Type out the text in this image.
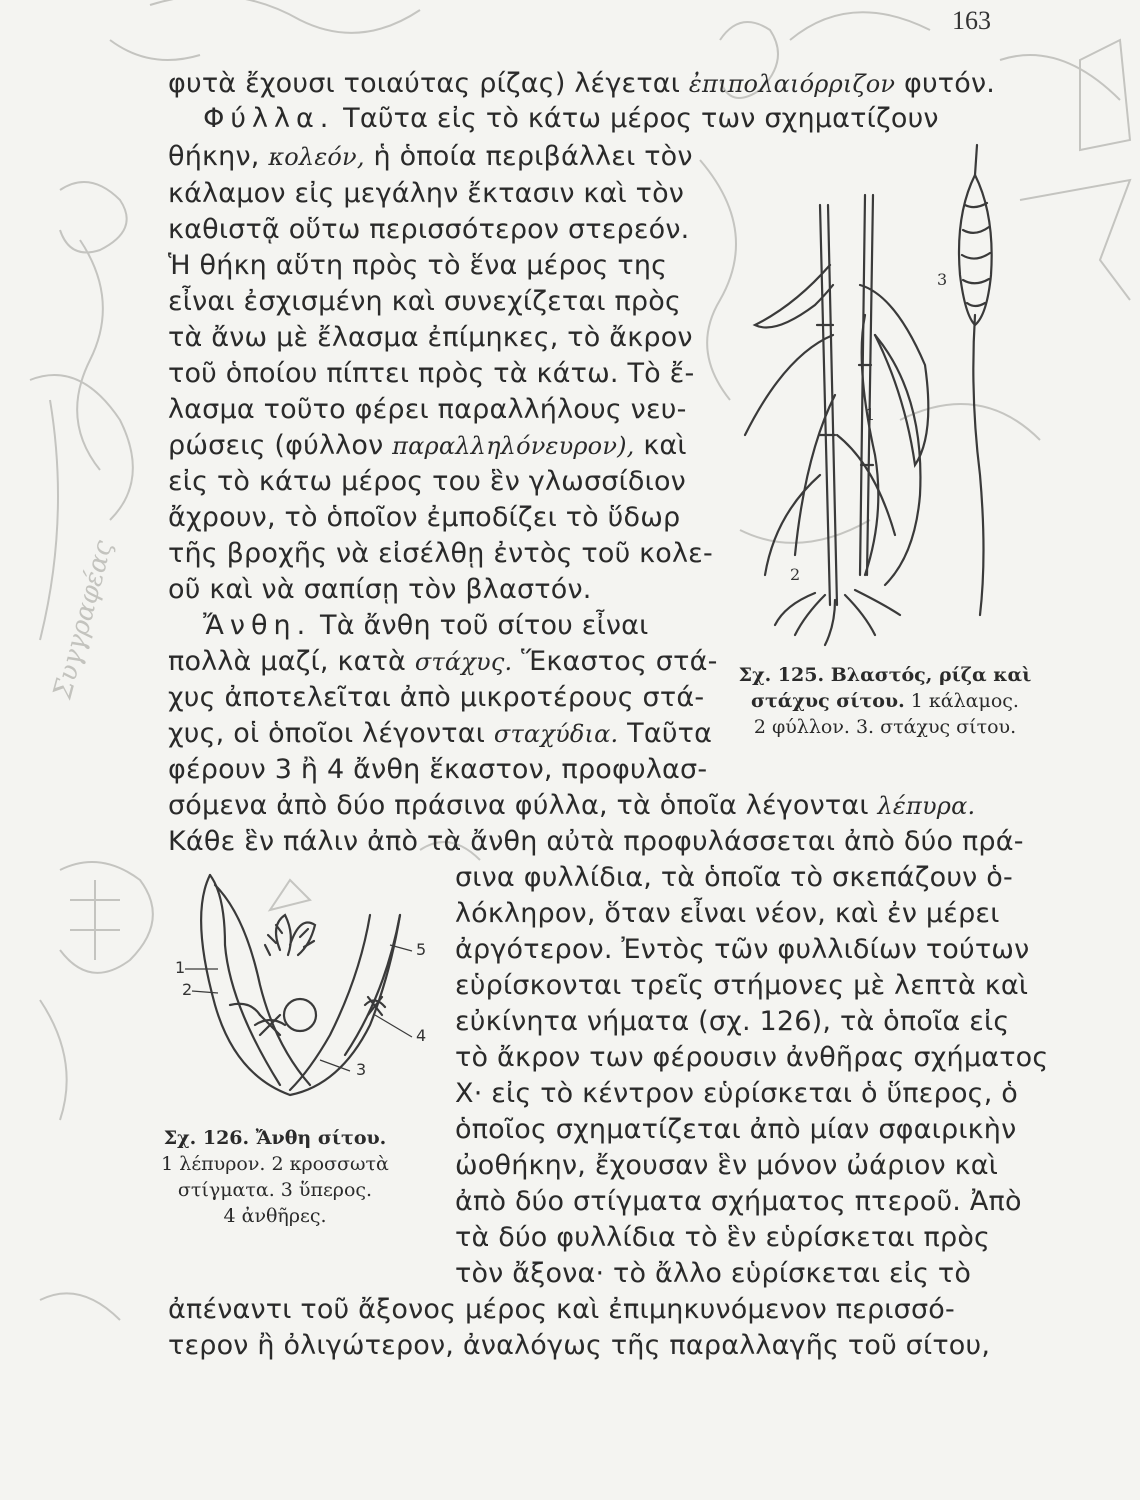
Συγγραφέας
163
φυτὰ ἔχουσι τοιαύτας ρίζας) λέγεται ἐπιπολαιόρριζον φυτόν.
Φύλλα. Ταῦτα εἰς τὸ κάτω μέρος των σχηματίζουν
θήκην, κολεόν, ἡ ὁποία περιβάλλει τὸν
κάλαμον εἰς μεγάλην ἔκτασιν καὶ τὸν
καθιστᾷ οὕτω περισσότερον στερεόν.
Ἡ θήκη αὕτη πρὸς τὸ ἕνα μέρος της
εἶναι ἐσχισμένη καὶ συνεχίζεται πρὸς
τὰ ἄνω μὲ ἔλασμα ἐπίμηκες, τὸ ἄκρον
τοῦ ὁποίου πίπτει πρὸς τὰ κάτω. Τὸ ἔ-
λασμα τοῦτο φέρει παραλλήλους νευ-
ρώσεις (φύλλον παραλληλόνευρον), καὶ
εἰς τὸ κάτω μέρος του ἓν γλωσσίδιον
ἄχρουν, τὸ ὁποῖον ἐμποδίζει τὸ ὕδωρ
τῆς βροχῆς νὰ εἰσέλθῃ ἐντὸς τοῦ κολε-
οῦ καὶ νὰ σαπίσῃ τὸν βλαστόν.
Ἄνθη. Τὰ ἄνθη τοῦ σίτου εἶναι
πολλὰ μαζί, κατὰ στάχυς. Ἕκαστος στά-
χυς ἀποτελεῖται ἀπὸ μικροτέρους στά-
χυς, οἱ ὁποῖοι λέγονται σταχύδια. Ταῦτα
φέρουν 3 ἢ 4 ἄνθη ἕκαστον, προφυλασ-
σόμενα ἀπὸ δύο πράσινα φύλλα, τὰ ὁποῖα λέγονται λέπυρα.
Κάθε ἓν πάλιν ἀπὸ τὰ ἄνθη αὐτὰ προφυλάσσεται ἀπὸ δύο πρά-
σινα φυλλίδια, τὰ ὁποῖα τὸ σκεπάζουν ὁ-
λόκληρον, ὅταν εἶναι νέον, καὶ ἐν μέρει
ἀργότερον. Ἐντὸς τῶν φυλλιδίων τούτων
εὑρίσκονται τρεῖς στήμονες μὲ λεπτὰ καὶ
εὐκίνητα νήματα (σχ. 126), τὰ ὁποῖα εἰς
τὸ ἄκρον των φέρουσιν ἀνθῆρας σχήματος
Χ· εἰς τὸ κέντρον εὑρίσκεται ὁ ὕπερος, ὁ
ὁποῖος σχηματίζεται ἀπὸ μίαν σφαιρικὴν
ὠοθήκην, ἔχουσαν ἓν μόνον ὠάριον καὶ
ἀπὸ δύο στίγματα σχήματος πτεροῦ. Ἀπὸ
τὰ δύο φυλλίδια τὸ ἓν εὑρίσκεται πρὸς
τὸν ἄξονα· τὸ ἄλλο εὑρίσκεται εἰς τὸ
ἀπέναντι τοῦ ἄξονος μέρος καὶ ἐπιμηκυνόμενον περισσό-
τερον ἢ ὀλιγώτερον, ἀναλόγως τῆς παραλλαγῆς τοῦ σίτου,
3
1
2
Σχ. 125. Βλαστός, ρίζα καὶ
στάχυς σίτου. 1 κάλαμος.
2 φύλλον. 3. στάχυς σίτου.
1
2
3
4
5
Σχ. 126. Ἄνθη σίτου.
1 λέπυρον. 2 κροσσωτὰ
στίγματα. 3 ὕπερος.
4 ἀνθῆρες.
